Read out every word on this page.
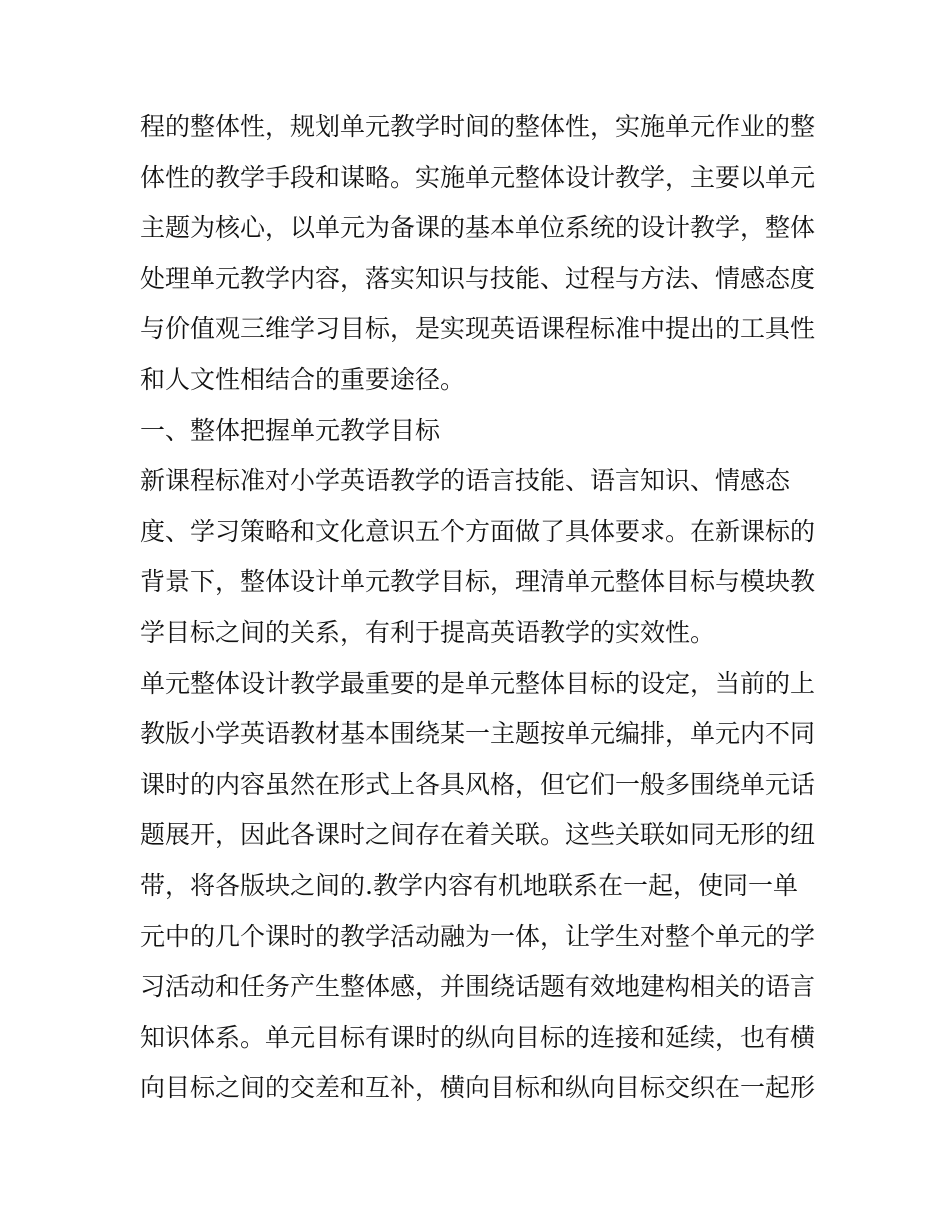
程的整体性，规划单元教学时间的整体性，实施单元作业的整
体性的教学手段和谋略。实施单元整体设计教学，主要以单元
主题为核心，以单元为备课的基本单位系统的设计教学，整体
处理单元教学内容，落实知识与技能、过程与方法、情感态度
与价值观三维学习目标，是实现英语课程标准中提出的工具性
和人文性相结合的重要途径。
一、整体把握单元教学目标
新课程标准对小学英语教学的语言技能、语言知识、情感态
度、学习策略和文化意识五个方面做了具体要求。在新课标的
背景下，整体设计单元教学目标，理清单元整体目标与模块教
学目标之间的关系，有利于提高英语教学的实效性。
单元整体设计教学最重要的是单元整体目标的设定，当前的上
教版小学英语教材基本围绕某一主题按单元编排，单元内不同
课时的内容虽然在形式上各具风格，但它们一般多围绕单元话
题展开，因此各课时之间存在着关联。这些关联如同无形的纽
带，将各版块之间的.教学内容有机地联系在一起，使同一单
元中的几个课时的教学活动融为一体，让学生对整个单元的学
习活动和任务产生整体感，并围绕话题有效地建构相关的语言
知识体系。单元目标有课时的纵向目标的连接和延续，也有横
向目标之间的交差和互补，横向目标和纵向目标交织在一起形
